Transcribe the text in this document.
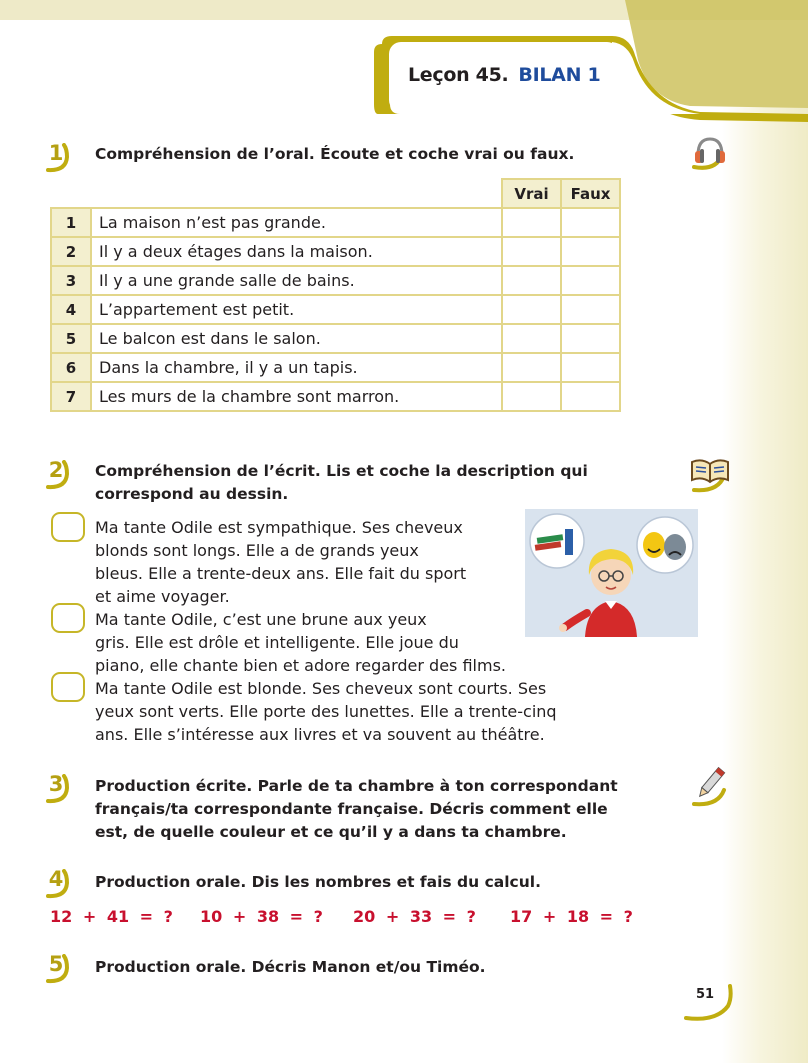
Leçon 45. BILAN 1
1	Compréhension de l’oral. Écoute et coche vrai ou faux.
		Vrai	Faux
1	La maison n’est pas grande.		
2	Il y a deux étages dans la maison.		
3	Il y a une grande salle de bains.		
4	L’appartement est petit.		
5	Le balcon est dans le salon.		
6	Dans la chambre, il y a un tapis.		
7	Les murs de la chambre sont marron.		
2	Compréhension de l’écrit. Lis et coche la description qui
correspond au dessin.
Ma tante Odile est sympathique. Ses cheveux
blonds sont longs. Elle a de grands yeux
bleus. Elle a trente-deux ans. Elle fait du sport
et aime voyager.
Ma tante Odile, c’est une brune aux yeux
gris. Elle est drôle et intelligente. Elle joue du
piano, elle chante bien et adore regarder des films.
Ma tante Odile est blonde. Ses cheveux sont courts. Ses
yeux sont verts. Elle porte des lunettes. Elle a trente-cinq
ans. Elle s’intéresse aux livres et va souvent au théâtre.
3	Production écrite. Parle de ta chambre à ton correspondant
français/ta correspondante française. Décris comment elle
est, de quelle couleur et ce qu’il y a dans ta chambre.
4	Production orale. Dis les nombres et fais du calcul.
12 + 41 = ? 10 + 38 = ? 20 + 33 = ? 17 + 18 = ?
5	Production orale. Décris Manon et/ou Timéo.
51
